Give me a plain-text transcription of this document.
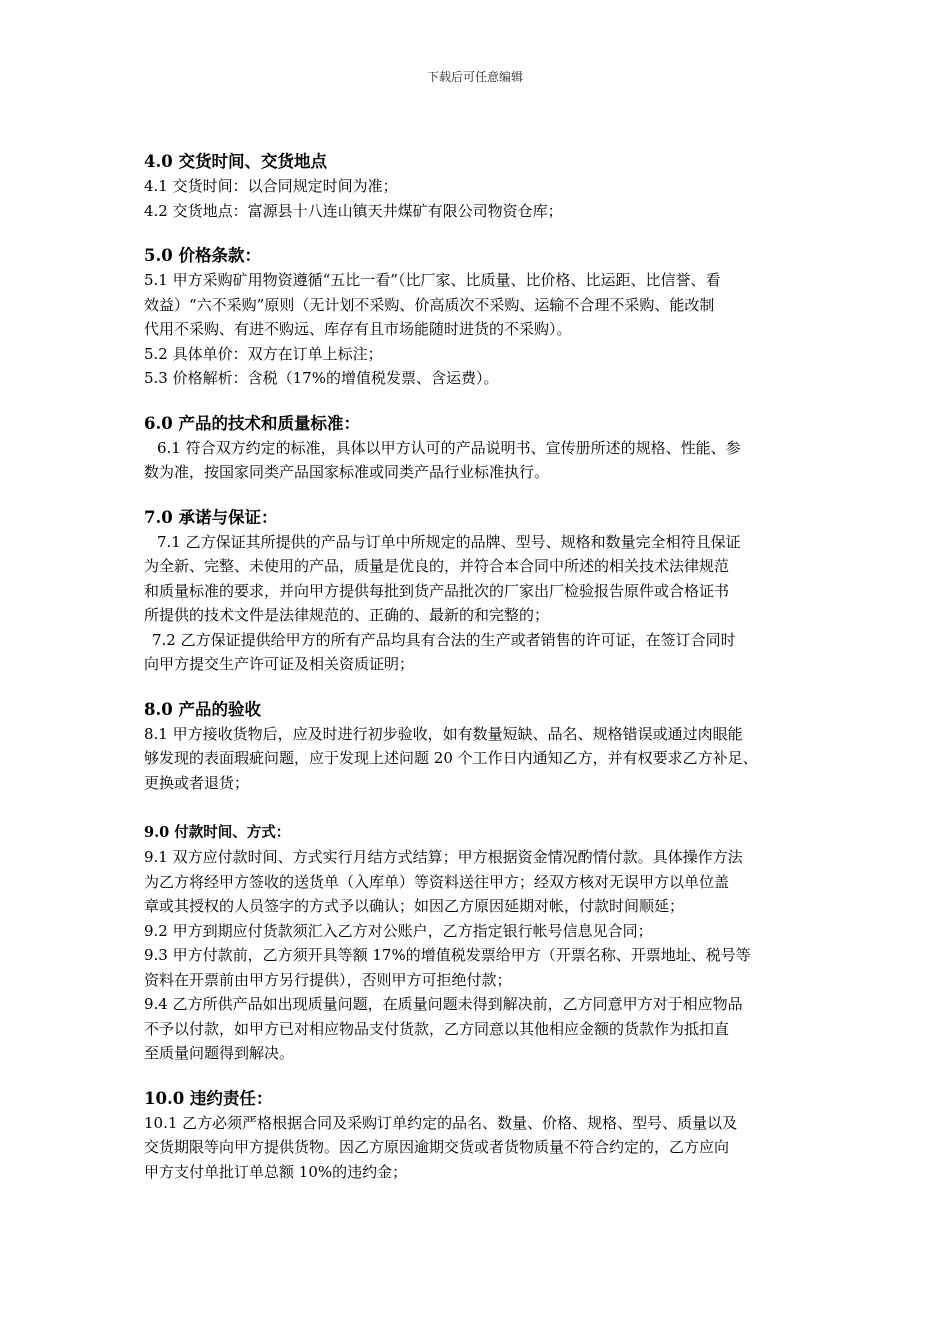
下载后可任意编辑
4.0 交货时间、交货地点
4.1 交货时间：以合同规定时间为准；
4.2 交货地点：富源县十八连山镇天井煤矿有限公司物资仓库；
5.0 价格条款：
5.1 甲方采购矿用物资遵循“五比一看”（比厂家、比质量、比价格、比运距、比信誉、看
效益）“六不采购”原则（无计划不采购、价高质次不采购、运输不合理不采购、能改制
代用不采购、有进不购远、库存有且市场能随时进货的不采购）。
5.2 具体单价：双方在订单上标注；
5.3 价格解析：含税（17%的增值税发票、含运费）。
6.0 产品的技术和质量标准：
6.1 符合双方约定的标准，具体以甲方认可的产品说明书、宣传册所述的规格、性能、参
数为准，按国家同类产品国家标准或同类产品行业标准执行。
7.0 承诺与保证：
7.1 乙方保证其所提供的产品与订单中所规定的品牌、型号、规格和数量完全相符且保证
为全新、完整、未使用的产品，质量是优良的，并符合本合同中所述的相关技术法律规范
和质量标准的要求，并向甲方提供每批到货产品批次的厂家出厂检验报告原件或合格证书
所提供的技术文件是法律规范的、正确的、最新的和完整的；
7.2 乙方保证提供给甲方的所有产品均具有合法的生产或者销售的许可证，在签订合同时
向甲方提交生产许可证及相关资质证明；
8.0 产品的验收
8.1 甲方接收货物后，应及时进行初步验收，如有数量短缺、品名、规格错误或通过肉眼能
够发现的表面瑕疵问题，应于发现上述问题 20 个工作日内通知乙方，并有权要求乙方补足、
更换或者退货；
9.0 付款时间、方式：
9.1 双方应付款时间、方式实行月结方式结算；甲方根据资金情况酌情付款。具体操作方法
为乙方将经甲方签收的送货单（入库单）等资料送往甲方；经双方核对无误甲方以单位盖
章或其授权的人员签字的方式予以确认；如因乙方原因延期对帐，付款时间顺延；
9.2 甲方到期应付货款须汇入乙方对公账户，乙方指定银行帐号信息见合同；
9.3 甲方付款前，乙方须开具等额 17%的增值税发票给甲方（开票名称、开票地址、税号等
资料在开票前由甲方另行提供），否则甲方可拒绝付款；
9.4 乙方所供产品如出现质量问题，在质量问题未得到解决前，乙方同意甲方对于相应物品
不予以付款，如甲方已对相应物品支付货款，乙方同意以其他相应金额的货款作为抵扣直
至质量问题得到解决。
10.0 违约责任：
10.1 乙方必须严格根据合同及采购订单约定的品名、数量、价格、规格、型号、质量以及
交货期限等向甲方提供货物。因乙方原因逾期交货或者货物质量不符合约定的，乙方应向
甲方支付单批订单总额 10%的违约金；
